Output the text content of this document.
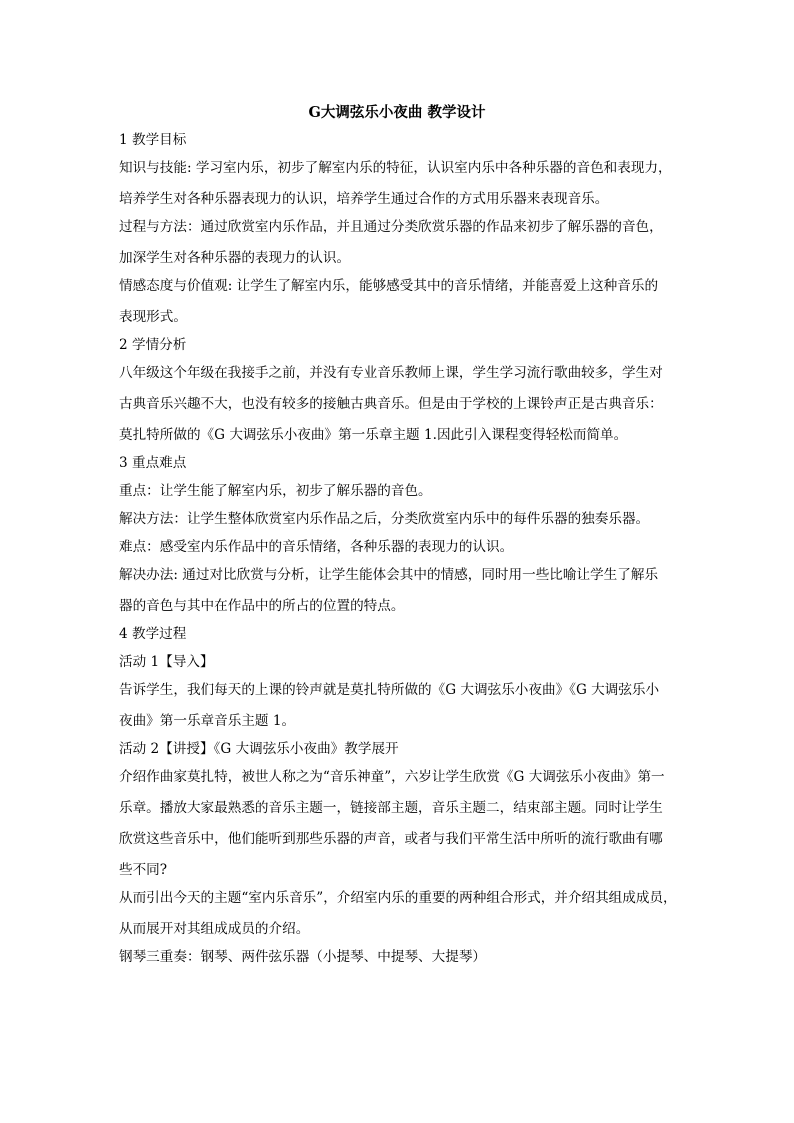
G大调弦乐小夜曲 教学设计
1 教学目标
知识与技能: 学习室内乐，初步了解室内乐的特征，认识室内乐中各种乐器的音色和表现力，
培养学生对各种乐器表现力的认识，培养学生通过合作的方式用乐器来表现音乐。
过程与方法：通过欣赏室内乐作品，并且通过分类欣赏乐器的作品来初步了解乐器的音色，
加深学生对各种乐器的表现力的认识。
情感态度与价值观: 让学生了解室内乐，能够感受其中的音乐情绪，并能喜爱上这种音乐的
表现形式。
2 学情分析
八年级这个年级在我接手之前，并没有专业音乐教师上课，学生学习流行歌曲较多，学生对
古典音乐兴趣不大，也没有较多的接触古典音乐。但是由于学校的上课铃声正是古典音乐：
莫扎特所做的《G 大调弦乐小夜曲》第一乐章主题 1.因此引入课程变得轻松而简单。
3 重点难点
重点：让学生能了解室内乐，初步了解乐器的音色。
解决方法：让学生整体欣赏室内乐作品之后，分类欣赏室内乐中的每件乐器的独奏乐器。
难点：感受室内乐作品中的音乐情绪，各种乐器的表现力的认识。
解决办法: 通过对比欣赏与分析，让学生能体会其中的情感，同时用一些比喻让学生了解乐
器的音色与其中在作品中的所占的位置的特点。
4 教学过程
活动 1【导入】
告诉学生，我们每天的上课的铃声就是莫扎特所做的《G 大调弦乐小夜曲》《G 大调弦乐小
夜曲》第一乐章音乐主题 1。
活动 2【讲授】《G 大调弦乐小夜曲》教学展开
介绍作曲家莫扎特，被世人称之为“音乐神童”，六岁让学生欣赏《G 大调弦乐小夜曲》第一
乐章。播放大家最熟悉的音乐主题一，链接部主题，音乐主题二，结束部主题。同时让学生
欣赏这些音乐中，他们能听到那些乐器的声音，或者与我们平常生活中所听的流行歌曲有哪
些不同?
从而引出今天的主题“室内乐音乐”，介绍室内乐的重要的两种组合形式，并介绍其组成成员，
从而展开对其组成成员的介绍。
钢琴三重奏：钢琴、两件弦乐器（小提琴、中提琴、大提琴）
